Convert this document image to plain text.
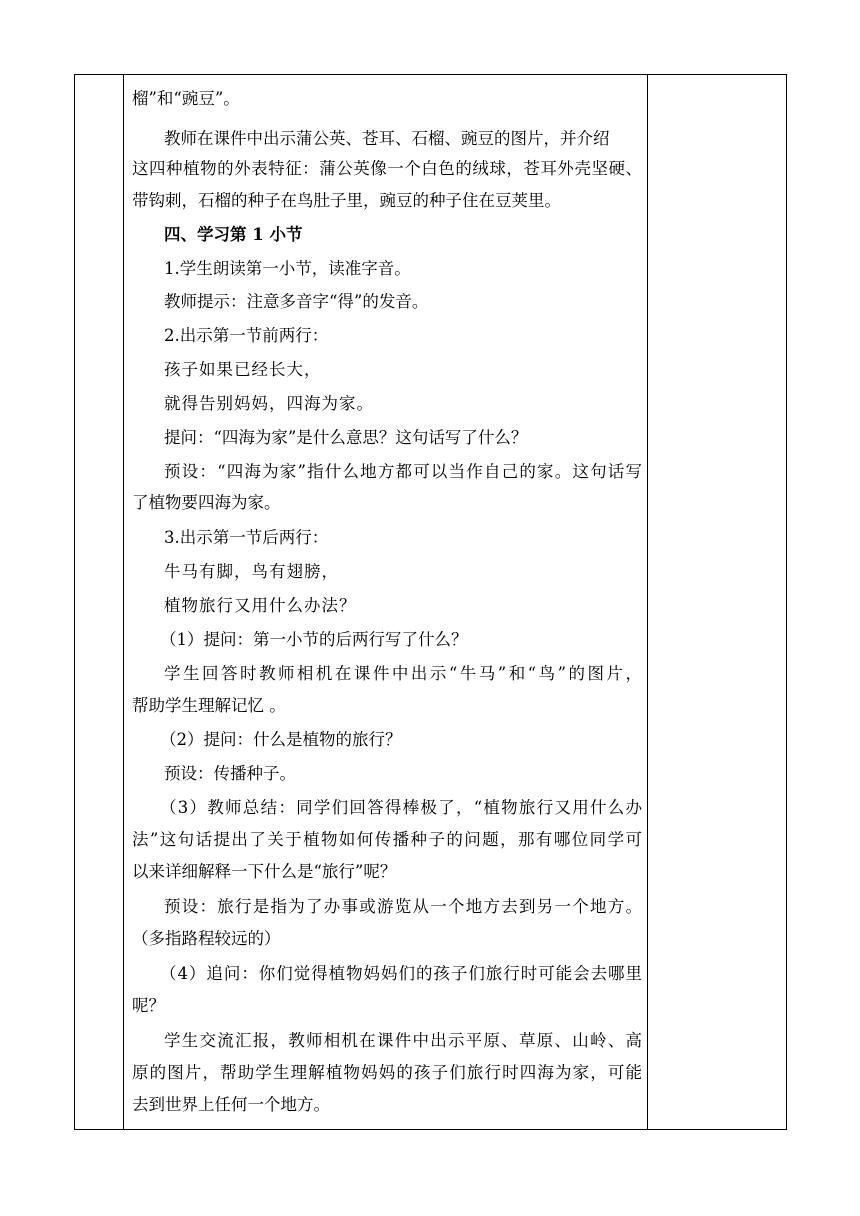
榴”和“豌豆”。
教师在课件中出示蒲公英、苍耳、石榴、豌豆的图片，并介绍
这四种植物的外表特征：蒲公英像一个白色的绒球，苍耳外壳坚硬、
带钩刺，石榴的种子在鸟肚子里，豌豆的种子住在豆荚里。
四、学习第 1 小节
1.学生朗读第一小节，读准字音。
教师提示：注意多音字“得”的发音。
2.出示第一节前两行：
孩子如果已经长大，
就得告别妈妈，四海为家。
提问：“四海为家”是什么意思？这句话写了什么？
预设：“四海为家”指什么地方都可以当作自己的家。这句话写
了植物要四海为家。
3.出示第一节后两行：
牛马有脚，鸟有翅膀，
植物旅行又用什么办法？
（1）提问：第一小节的后两行写了什么？
学生回答时教师相机在课件中出示“牛马”和“鸟”的图片，
帮助学生理解记忆 。
（2）提问：什么是植物的旅行？
预设：传播种子。
（3）教师总结：同学们回答得棒极了，“植物旅行又用什么办
法”这句话提出了关于植物如何传播种子的问题，那有哪位同学可
以来详细解释一下什么是“旅行”呢？
预设：旅行是指为了办事或游览从一个地方去到另一个地方。
（多指路程较远的）
（4）追问：你们觉得植物妈妈们的孩子们旅行时可能会去哪里
呢？
学生交流汇报，教师相机在课件中出示平原、草原、山岭、高
原的图片，帮助学生理解植物妈妈的孩子们旅行时四海为家，可能
去到世界上任何一个地方。
